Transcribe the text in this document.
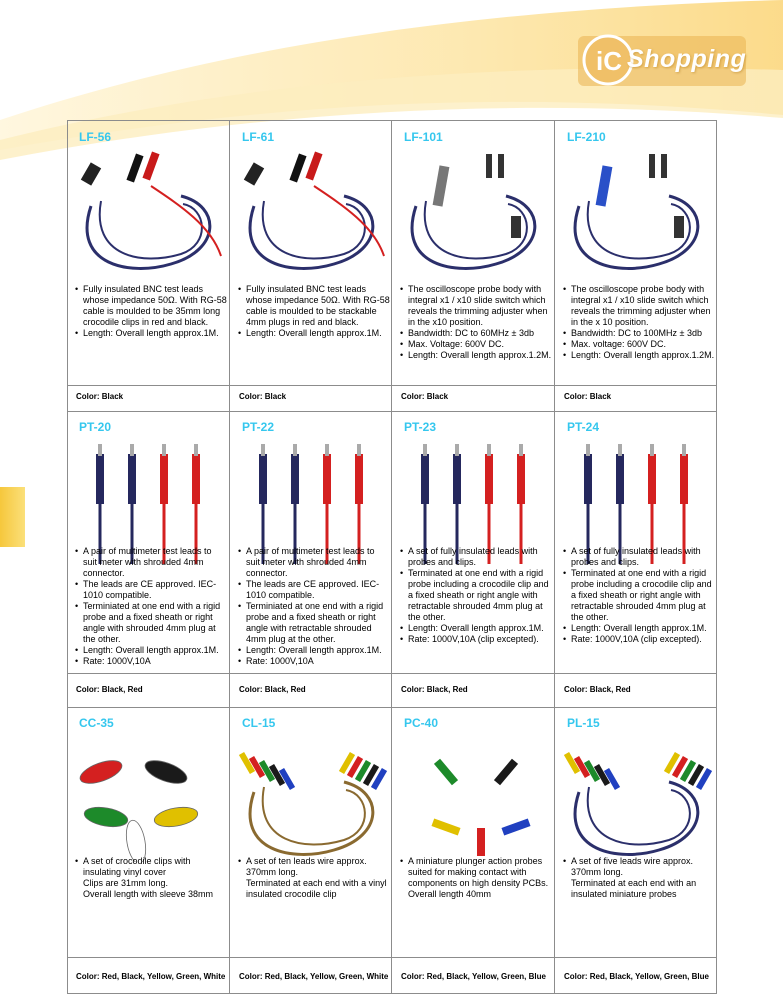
iC Shopping
LF-56
• Fully insulated BNC test leads whose impedance 50Ω. With RG-58 cable is moulded to be 35mm long crocodile clips in red and black.
• Length: Overall length approx.1M.
Color: Black
LF-61
• Fully insulated BNC test leads whose impedance 50Ω. With RG-58 cable is moulded to be stackable 4mm plugs in red and black.
• Length: Overall length approx.1M.
Color: Black
LF-101
• The oscilloscope probe body with integral x1 / x10 slide switch which reveals the trimming adjuster when in the x10 position.
• Bandwidth: DC to 60MHz ± 3db
• Max. Voltage: 600V DC.
• Length: Overall length approx.1.2M.
Color: Black
LF-210
• The oscilloscope probe body with integral x1 / x10 slide switch which reveals the trimming adjuster when in the x 10 position.
• Bandwidth: DC to 100MHz ± 3db
• Max. voltage: 600V DC.
• Length: Overall length approx.1.2M.
Color: Black
PT-20
• A pair of multimeter test leads to suit meter with shrouded 4mm connector.
• The leads are CE approved. IEC-1010 compatible.
• Terminiated at one end with a rigid probe and a fixed sheath or right angle with shrouded 4mm plug at the other.
• Length: Overall length approx.1M.
• Rate: 1000V,10A
Color: Black, Red
PT-22
• A pair of multimeter test leads to suit meter with shrouded 4mm connector.
• The leads are CE approved. IEC-1010 compatible.
• Terminiated at one end with a rigid probe and a fixed sheath or right angle with retractable shrouded 4mm plug at the other.
• Length: Overall length approx.1M.
• Rate: 1000V,10A
Color: Black, Red
PT-23
• A set of fully insulated leads with probes and clips.
• Terminated at one end with a rigid probe including a crocodile clip and a fixed sheath or right angle with retractable shrouded 4mm plug at the other.
• Length: Overall length approx.1M.
• Rate: 1000V,10A (clip excepted).
Color: Black, Red
PT-24
• A set of fully insulated leads with probes and clips.
• Terminated at one end with a rigid probe including a crocodile clip and a fixed sheath or right angle with retractable shrouded 4mm plug at the other.
• Length: Overall length approx.1M.
• Rate: 1000V,10A (clip excepted).
Color: Black, Red
CC-35
• A set of crocodile clips with insulating vinyl cover
Clips are 31mm long.
Overall length with sleeve 38mm
Color: Red, Black, Yellow, Green, White
CL-15
• A set of ten leads wire approx. 370mm long.
Terminated at each end with a vinyl insulated crocodile clip
Color: Red, Black, Yellow, Green, White
PC-40
• A miniature plunger action probes suited for making contact with components on high density PCBs.
Overall length 40mm
Color: Red, Black, Yellow, Green, Blue
PL-15
• A set of five leads wire approx. 370mm long.
Terminated at each end with an insulated miniature probes
Color: Red, Black, Yellow, Green, Blue
